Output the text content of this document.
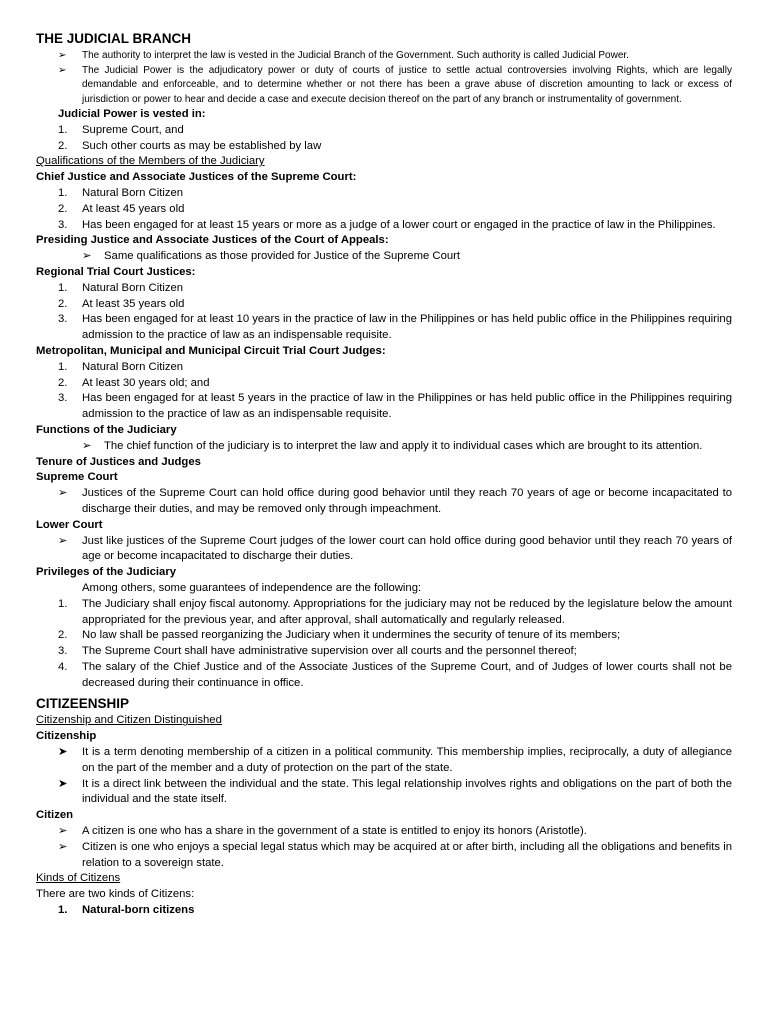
THE JUDICIAL BRANCH
➢ The authority to interpret the law is vested in the Judicial Branch of the Government. Such authority is called Judicial Power.
➢ The Judicial Power is the adjudicatory power or duty of courts of justice to settle actual controversies involving Rights, which are legally demandable and enforceable, and to determine whether or not there has been a grave abuse of discretion amounting to lack or excess of jurisdiction or power to hear and decide a case and execute decision thereof on the part of any branch or instrumentality of government.
Judicial Power is vested in:
1. Supreme Court, and
2. Such other courts as may be established by law
Qualifications of the Members of the Judiciary
Chief Justice and Associate Justices of the Supreme Court:
1. Natural Born Citizen
2. At least 45 years old
3. Has been engaged for at least 15 years or more as a judge of a lower court or engaged in the practice of law in the Philippines.
Presiding Justice and Associate Justices of the Court of Appeals:
➢ Same qualifications as those provided for Justice of the Supreme Court
Regional Trial Court Justices:
1. Natural Born Citizen
2. At least 35 years old
3. Has been engaged for at least 10 years in the practice of law in the Philippines or has held public office in the Philippines requiring admission to the practice of law as an indispensable requisite.
Metropolitan, Municipal and Municipal Circuit Trial Court Judges:
1. Natural Born Citizen
2. At least 30 years old; and
3. Has been engaged for at least 5 years in the practice of law in the Philippines or has held public office in the Philippines requiring admission to the practice of law as an indispensable requisite.
Functions of the Judiciary
➢ The chief function of the judiciary is to interpret the law and apply it to individual cases which are brought to its attention.
Tenure of Justices and Judges
Supreme Court
➢ Justices of the Supreme Court can hold office during good behavior until they reach 70 years of age or become incapacitated to discharge their duties, and may be removed only through impeachment.
Lower Court
➢ Just like justices of the Supreme Court judges of the lower court can hold office during good behavior until they reach 70 years of age or become incapacitated to discharge their duties.
Privileges of the Judiciary
Among others, some guarantees of independence are the following:
1. The Judiciary shall enjoy fiscal autonomy. Appropriations for the judiciary may not be reduced by the legislature below the amount appropriated for the previous year, and after approval, shall automatically and regularly released.
2. No law shall be passed reorganizing the Judiciary when it undermines the security of tenure of its members;
3. The Supreme Court shall have administrative supervision over all courts and the personnel thereof;
4. The salary of the Chief Justice and of the Associate Justices of the Supreme Court, and of Judges of lower courts shall not be decreased during their continuance in office.
CITIZEENSHIP
Citizenship and Citizen Distinguished
Citizenship
➤ It is a term denoting membership of a citizen in a political community. This membership implies, reciprocally, a duty of allegiance on the part of the member and a duty of protection on the part of the state.
➤ It is a direct link between the individual and the state. This legal relationship involves rights and obligations on the part of both the individual and the state itself.
Citizen
➢ A citizen is one who has a share in the government of a state is entitled to enjoy its honors (Aristotle).
➢ Citizen is one who enjoys a special legal status which may be acquired at or after birth, including all the obligations and benefits in relation to a sovereign state.
Kinds of Citizens
There are two kinds of Citizens:
1. Natural-born citizens
